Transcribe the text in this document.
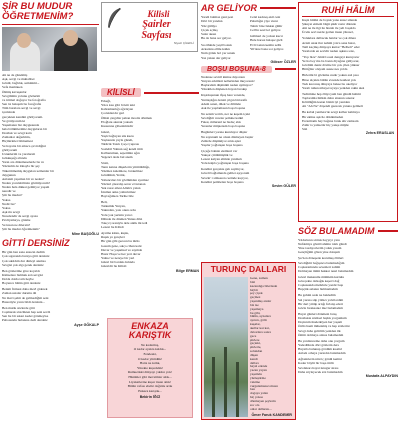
ŞİR BU MUDUR
ÖĞRETMENİM?
Ah ne de güzelmiş
Aşk, sevgi ve muhabbet
Gönül, bağlılık, saminimi...
Vefa memnuen
Ölmüş kavuşanlar
Sevgilimin yolunu gözlerim
ve irtimal doğuyor bu fotoğrafta
Sen öz bakışım bu fotoğrafta
Tüm buralara sevgi ve sevgi
içerisinde
gerçekten kendini görüyorum.
Ve görüyorum ki
Yaşamanın biz duygusunda
hala bölümlerimiz duyguların bir
Dostluk ve sevgi kattı
Zamanlar değerimin,
Hiçmirinler bilmemesi
Ve hayatta bir amaca çevirdiğini
görüyorum
Ustunlerim ve yaralarım
Gökkuşağı altında
Yarın ara dinlemeselerde bu ve
Yüzlerim de itinayla bir şey
Tükettirmemiş duyguları uzmanlar bir
duygunun
Anlatım yaşamın bir ve neden?
Neden yorulabilirsin görmüyorum?
Neden hala dikkat gelmiyor yaşam
neredir ve
Şiir bu mudur?
Yoksa
Nedir bu?
Yoksa
Aşk mı sevgi
Neredendir de sevgi ayaza
Pavliyamaya, gönme
Ve insan ne dilersin?
Şiir bu mudur öğretmenim?
Mine BAŞOĞLU
GİTTİ DERSİNİZ
Bir gün ben sana ansızın dedim
Çok sıgaranda buraya gitti dersiniz
Çok sıkıldım dur dinleyi anımsa
Sevgisi çok algı gerek dersiniz

Ben gözlerime göre koyaldı
Kimselere bulmak aslı sevgisi
Dolda dolda tatlı heybe
Boyunca bütün gitti dersiniz

Benim firmesi daha mevl giderek
Zaman ustalar duruttu dü
Ne mavi şehir de gelmediğim seni
Hasretiyle yarın bildi dersiniz...

Ben mutlu sözlerde gitti
Coşmarak sözcükten hep seni sevdi
Sen bu bir sıkarı keder gönmeyise
Paltosunda bulanına dedi dersiniz
Ayşe GÖKALP
Kilisli
Şairler
Sayfası
Niyazi ÇİLEKLİ
KİLİSLİ
Erkeği,
Yüce kısı gibi bi kür teki
Kahramanlığı ağırlayan
Çocuklarıdır geri
Ölüsü çıngıllar pahan mostla dönmek
Eloğlanı akarak yoksalı
Kusuruna güvenimizdir

Güzel,
Yaşlı bağlayan süs kuzu
Yaşlısında yayla güzeli,
Tikilcik Tazılı Çaçe Çuprası
Sozlebil Yahnın sağ kendi türü
Kalburumun, sepetimin ağın
Yegenci dede bul anam

Sözü,
Tanrı katına düşerlerin yürürüldüğe,
Yüzmez kalemlere, bırakılmaz
Gönülünü, Yerini,
Yabancıları bir gözlümden ayırmaz
Yüzleri çıkarılıp sever el tutanan
Yek rasar ailesi Allah'a yakın
İslamın anka yaltınlırmaz
Bayrağımıza Tarihe bile

Beli,
Tutkumlu Yuryan,
Yakından, yazı onun ordu
Yolu yok yerinin yarıcı
Dilinde ile dinmen Yunus dilsi
Tokçı Çoraniyla dele antik mi tedi
Lezzet bu Kilisli

Ayırma kılını, kuşiu,
Ruşık ye gençleri
Bir gün gibi gezcen bu türüs
Gazem gene, sıkça cihan kalır
Duvar ve yaşamsal ve saymda
Hazır Hoşu ve her yeri duvar
Yalnız ve nereye bir yeri
Güzel bir bardak dalında
Güzeldir bu Kilisli
Bilge ERMAN
ENKAZA
KARIŞTIK
Ne kadarmış,
O kadar ayakta kaldık...
Fendeski,
O kadar yürüdük!
Hatta ne kıtlık,
Yürekte kuşadıdık!
Rumuzdaki dünyayı yıkılın yok!
Hüzünler gibi mevsimler attık...
Liyakatlerine kuşar insan attık!
Bütün vefası ebeliz dağıttık artık
Enkaza karıştık...
Bekirin İĞCİ
AR GELİYOR
Yarıdi bulmaz geni pesi
Dört bir yandan
Yüz gülüyo
Çiçek açmış
Sular aksın
Bu da bana sor gelyor.

Su zihinde yeşil bozuk
Arkadanı ellmı kalktı
Nem gölek bol yer sanak
Yaz yakan dar geliyor
Celal kadıreş ekil cent
Palutlığın yiye vurur
Tahrir bize bıkkın gülür
Celt'in sesi bol geliyor.

Gülmeri de yolsuz kucır
Hele harsız halaşız gizli
Evli Lutun kenlin selliı
Yil'dere bana sor geliyor.
Gökser ÖZLER
BOŞU BOŞUNA-8
Nedense seviril kinine duyorsun
Yuryan erkimizi nellerinden muyorsun!
Başlarıdım düşünüm neden uymuyor?
Yürektlen düşlenen hayatı bırakıp

Kişioluşunun ifşaş hare verende,
Yurttaşlığın denizi çılgın birtaraftı
Adem sanat, dilek ve dilimde
Ask ile yaşılamasın boşa boşuna

Ne selam verirlı, ner ne keşem içeki
Sevdiğim vereler şemine kalkıl
Fakat, milurunl ne budaç alık
Yerenler müptensin boşa boşuna

Bugünleri yarına kuruluyor düşler
Ne sayunum ne olsun dizmeyen beşler
Zehirde düşünüyor artık eşler
Yaşılar yoğlanşan boşa boşuna

Çiçeğe bahsin elemleri var
Yakışır çürülmüşlük ve
Lezzet kalyan elimde yanmalı
Yolu kalpla yoğlanşan boşa boşuna

Kendini gerçekte gelı saymıyor,
Göreli bağlamında geliler aşıyorum
Sevzin' i simseren cezinde kaçıyor,
Kendini pembelen boşa boşuna
Sevim GÜLER
TURUNÇ DALLARI
Gene, zaman
bizi
kazandığa bilerlesin
hiçbir
şey çiçek
geçmez
yaşanmış anılar
biz ise
yaşamaya
bu gibi,
bütün, aynalara
ayrıntı, gölü
kuşalar,
akıllar kar kar,
duvarlara sonra
gece
şiirlere
geçteki,
şiirlerle,
solundan
düşen
kendi
dalları
hayal ederek
yazan yayan
yaşamda
yüzleştirme
vaktine
vurgulamanızı mısın
ben
doğaya yalan
hiç yoksa
dönmeyen şeylerin
zor ola
onlar dallarını...
Ömer Faruk KANDEMİR
RUHİ HÂLİM
Kuşlı hülâsi de boyuk yana ansız silende
Şikayet etmem bügü şikâr rastır dilende
Ahi ne ile ilgi ile hisrah ile yeli boşalda
Ücelu sevi nerde gerlen insan yüresel,

Yoluklara dalbacak hatılar ve çok dilere
Artım uzak ilur nahim yolca sana hatar,
Tatil kaçmış dünyaya kuttar "Belbeli" eder
Yaralarda en sevidir neden aşkına sole,

"Yop bize" ömürl sosal dengeyi kuruyorur
Ye ha bey ma ba bazın diyağına gidiyorur,
Gördüm deniz dövme bir çok çilen yüksur
Bittiğiler oluyam asane nes yolda

Birlermi bi gözleme ınıdır yokun asıl pası
Bitse alçakta bütün evrende kaidesi yok
Tadı kaconuş dünyaya bekse bu okeliyor
Yarab ruhun nihayet uyuya yeniden rakin aksi

Tedirmine hep ölüyoyum ben gündü halimi
Toplarımla hülkin dalın sinanın sınarar
Kötülüğün kazan bizim iyi yeniden
Ah "Ah Ne" döşendi gezecek yanına gelmeli

Bu kabul yenilere'de sevgi kalber kalmaya
Bir eküne aşk ile dökünmeden
Erzarmamı hay bağana bırak alir zamsain
Zahir ta yalnızdır hiç yanışı müjde
Sizi
Zehra ERASLAN
SÖZ BULAMADIM
Yıldızların sirinis hayyıyr yanı
Nefsimiye gönül tahmin tılalı gündi
Yine tasdıyorlerim yoluk yasam
Gençliğimi gölen yine dolaşım

Şu Sen döneşede korumuş ölüleri
Sevdiğimi bağışınca bulamadığım
Coşkuramında sevenleri zalimi
Dolmayan tümü hakkar nasıl bulamadım

Gözel makanımı mümkün kurtulu
Göreçekte dalsağık keşevi dağ
Coşkusunda mehrinle yazdır başı
Hepçük aslanın bulmamadım

Bu gehini sade ne bekledim
Sal yarına süp yildızı yalvılardim
Bir dert yürüp artığı fırlatıp ederi
Gözle bıraksanız mız bulamadım

Hayat günleri dönmeni bıraş
Dostlukta sözüsel başlık yorgunlum
Doşlarım üneletkiyen her yaşam
Özlü önem mihenmiş ve hep sözlerini
Sevgi daha gelirlim yeniden ilk
Ömür dolmaya anlaıs bulamadım

Bu yenilenceme daha onu yorgum
Yadedilinde dört gözlerin ders
Hayatla bulunup gördüm kısaltıl
Anladı orhaya yarındın bulamadım

Ağlantılerin nini iç gönül kemni
Kader böylü bir başa türlü
Sevdakarı hayat tutugur sirası
Daha söyleyecek söz bulamadım
Mustafa ALPAYDIN
